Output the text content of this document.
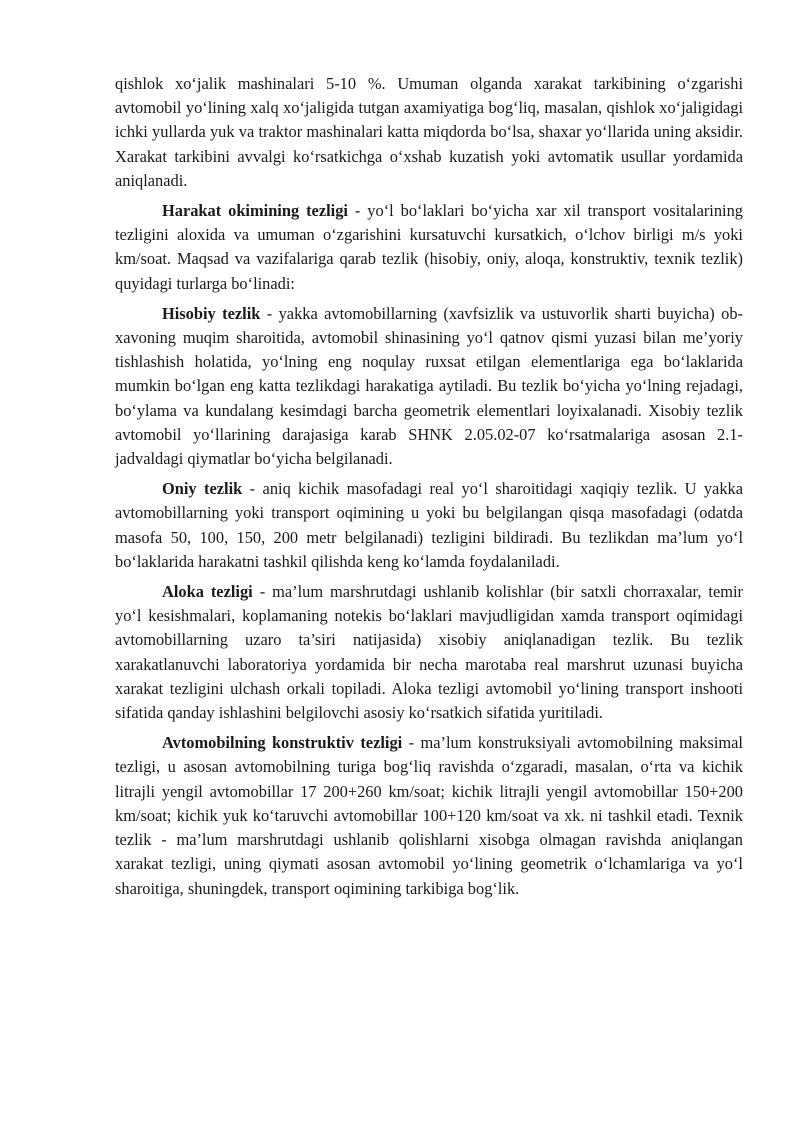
qishlok xo‘jalik mashinalari 5-10 %. Umuman olganda xarakat tarkibining o‘zgarishi avtomobil yo‘lining xalq xo‘jaligida tutgan axamiyatiga bog‘liq, masalan, qishlok xo‘jaligidagi ichki yullarda yuk va traktor mashinalari katta miqdorda bo‘lsa, shaxar yo‘llarida uning aksidir. Xarakat tarkibini avvalgi ko‘rsatkichga o‘xshab kuzatish yoki avtomatik usullar yordamida aniqlanadi.

Harakat okimining tezligi - yo‘l bo‘laklari bo‘yicha xar xil transport vositalarining tezligini aloxida va umuman o‘zgarishini kursatuvchi kursatkich, o‘lchov birligi m/s yoki km/soat. Maqsad va vazifalariga qarab tezlik (hisobiy, oniy, aloqa, konstruktiv, texnik tezlik) quyidagi turlarga bo‘linadi:

Hisobiy tezlik - yakka avtomobillarning (xavfsizlik va ustuvorlik sharti buyicha) ob-xavoning muqim sharoitida, avtomobil shinasining yo‘l qatnov qismi yuzasi bilan me’yoriy tishlashish holatida, yo‘lning eng noqulay ruxsat etilgan elementlariga ega bo‘laklarida mumkin bo‘lgan eng katta tezlikdagi harakatiga aytiladi. Bu tezlik bo‘yicha yo‘lning rejadagi, bo‘ylama va kundalang kesimdagi barcha geometrik elementlari loyixalanadi. Xisobiy tezlik avtomobil yo‘llarining darajasiga karab SHNK 2.05.02-07 ko‘rsatmalariga asosan 2.1-jadvaldagi qiymatlar bo‘yicha belgilanadi.

Oniy tezlik - aniq kichik masofadagi real yo‘l sharoitidagi xaqiqiy tezlik. U yakka avtomobillarning yoki transport oqimining u yoki bu belgilangan qisqa masofadagi (odatda masofa 50, 100, 150, 200 metr belgilanadi) tezligini bildiradi. Bu tezlikdan ma’lum yo‘l bo‘laklarida harakatni tashkil qilishda keng ko‘lamda foydalaniladi.

Aloka tezligi - ma’lum marshrutdagi ushlanib kolishlar (bir satxli chorraxalar, temir yo‘l kesishmalari, koplamaning notekis bo‘laklari mavjudligidan xamda transport oqimidagi avtomobillarning uzaro ta’siri natijasida) xisobiy aniqlanadigan tezlik. Bu tezlik xarakatlanuvchi laboratoriya yordamida bir necha marotaba real marshrut uzunasi buyicha xarakat tezligini ulchash orkali topiladi. Aloka tezligi avtomobil yo‘lining transport inshooti sifatida qanday ishlashini belgilovchi asosiy ko‘rsatkich sifatida yuritiladi.

Avtomobilning konstruktiv tezligi - ma’lum konstruksiyali avtomobilning maksimal tezligi, u asosan avtomobilning turiga bog‘liq ravishda o‘zgaradi, masalan, o‘rta va kichik litrajli yengil avtomobillar 17 200+260 km/soat; kichik litrajli yengil avtomobillar 150+200 km/soat; kichik yuk ko‘taruvchi avtomobillar 100+120 km/soat va xk. ni tashkil etadi. Texnik tezlik - ma’lum marshrutdagi ushlanib qolishlarni xisobga olmagan ravishda aniqlangan xarakat tezligi, uning qiymati asosan avtomobil yo‘lining geometrik o‘lchamlariga va yo‘l sharoitiga, shuningdek, transport oqimining tarkibiga bog‘lik.
